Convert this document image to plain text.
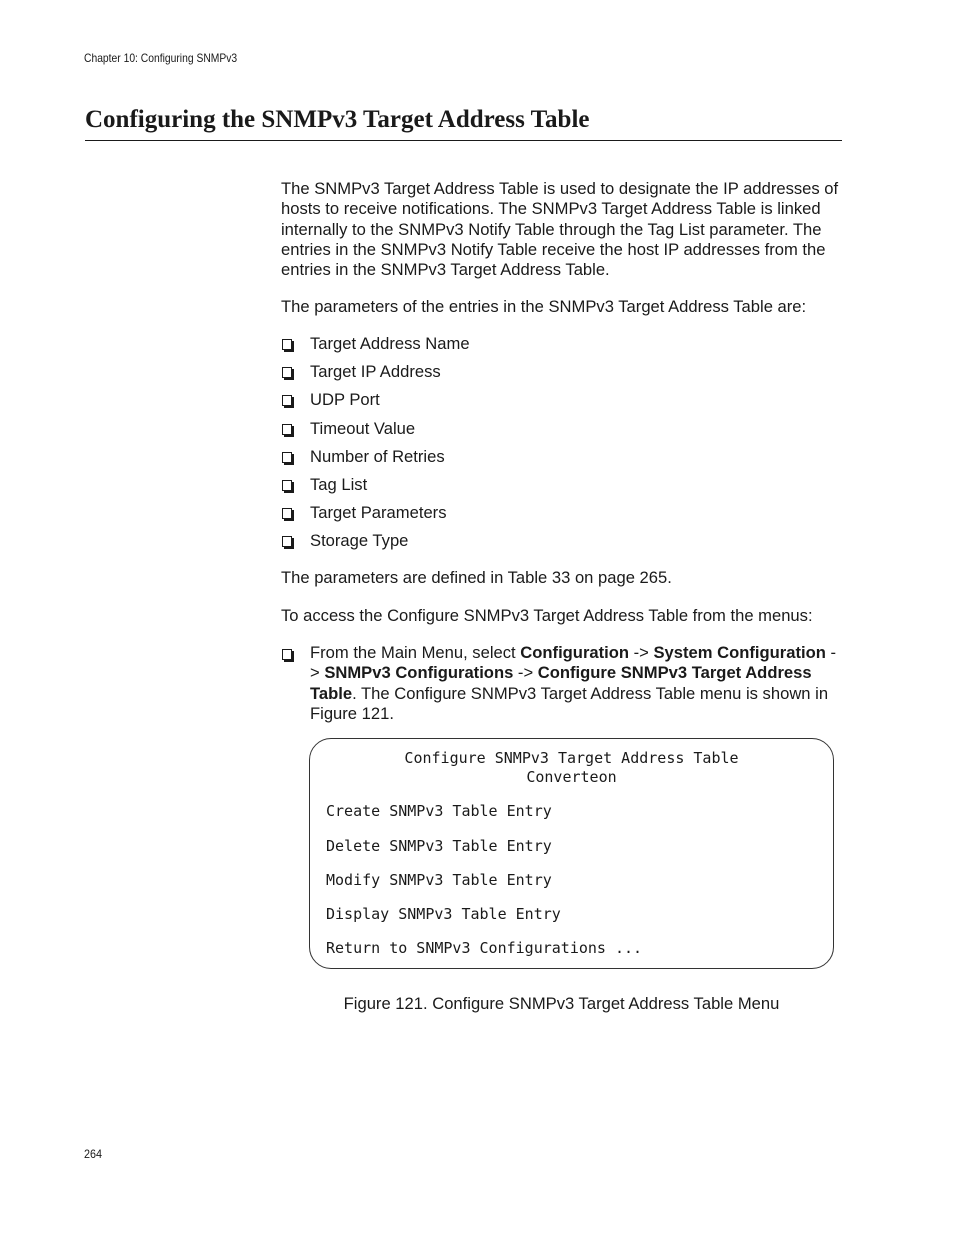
Chapter 10: Configuring SNMPv3
Configuring the SNMPv3 Target Address Table

The SNMPv3 Target Address Table is used to designate the IP addresses of hosts to receive notifications. The SNMPv3 Target Address Table is linked internally to the SNMPv3 Notify Table through the Tag List parameter. The entries in the SNMPv3 Notify Table receive the host IP addresses from the entries in the SNMPv3 Target Address Table.

The parameters of the entries in the SNMPv3 Target Address Table are:

Target Address Name
Target IP Address
UDP Port
Timeout Value
Number of Retries
Tag List
Target Parameters
Storage Type

The parameters are defined in Table 33 on page 265.

To access the Configure SNMPv3 Target Address Table from the menus:

From the Main Menu, select Configuration -> System Configuration - > SNMPv3 Configurations -> Configure SNMPv3 Target Address Table. The Configure SNMPv3 Target Address Table menu is shown in Figure 121.
Configure SNMPv3 Target Address Table
Converteon
Create SNMPv3 Table Entry
Delete SNMPv3 Table Entry
Modify SNMPv3 Table Entry
Display SNMPv3 Table Entry
Return to SNMPv3 Configurations ...
Figure 121. Configure SNMPv3 Target Address Table Menu
264
